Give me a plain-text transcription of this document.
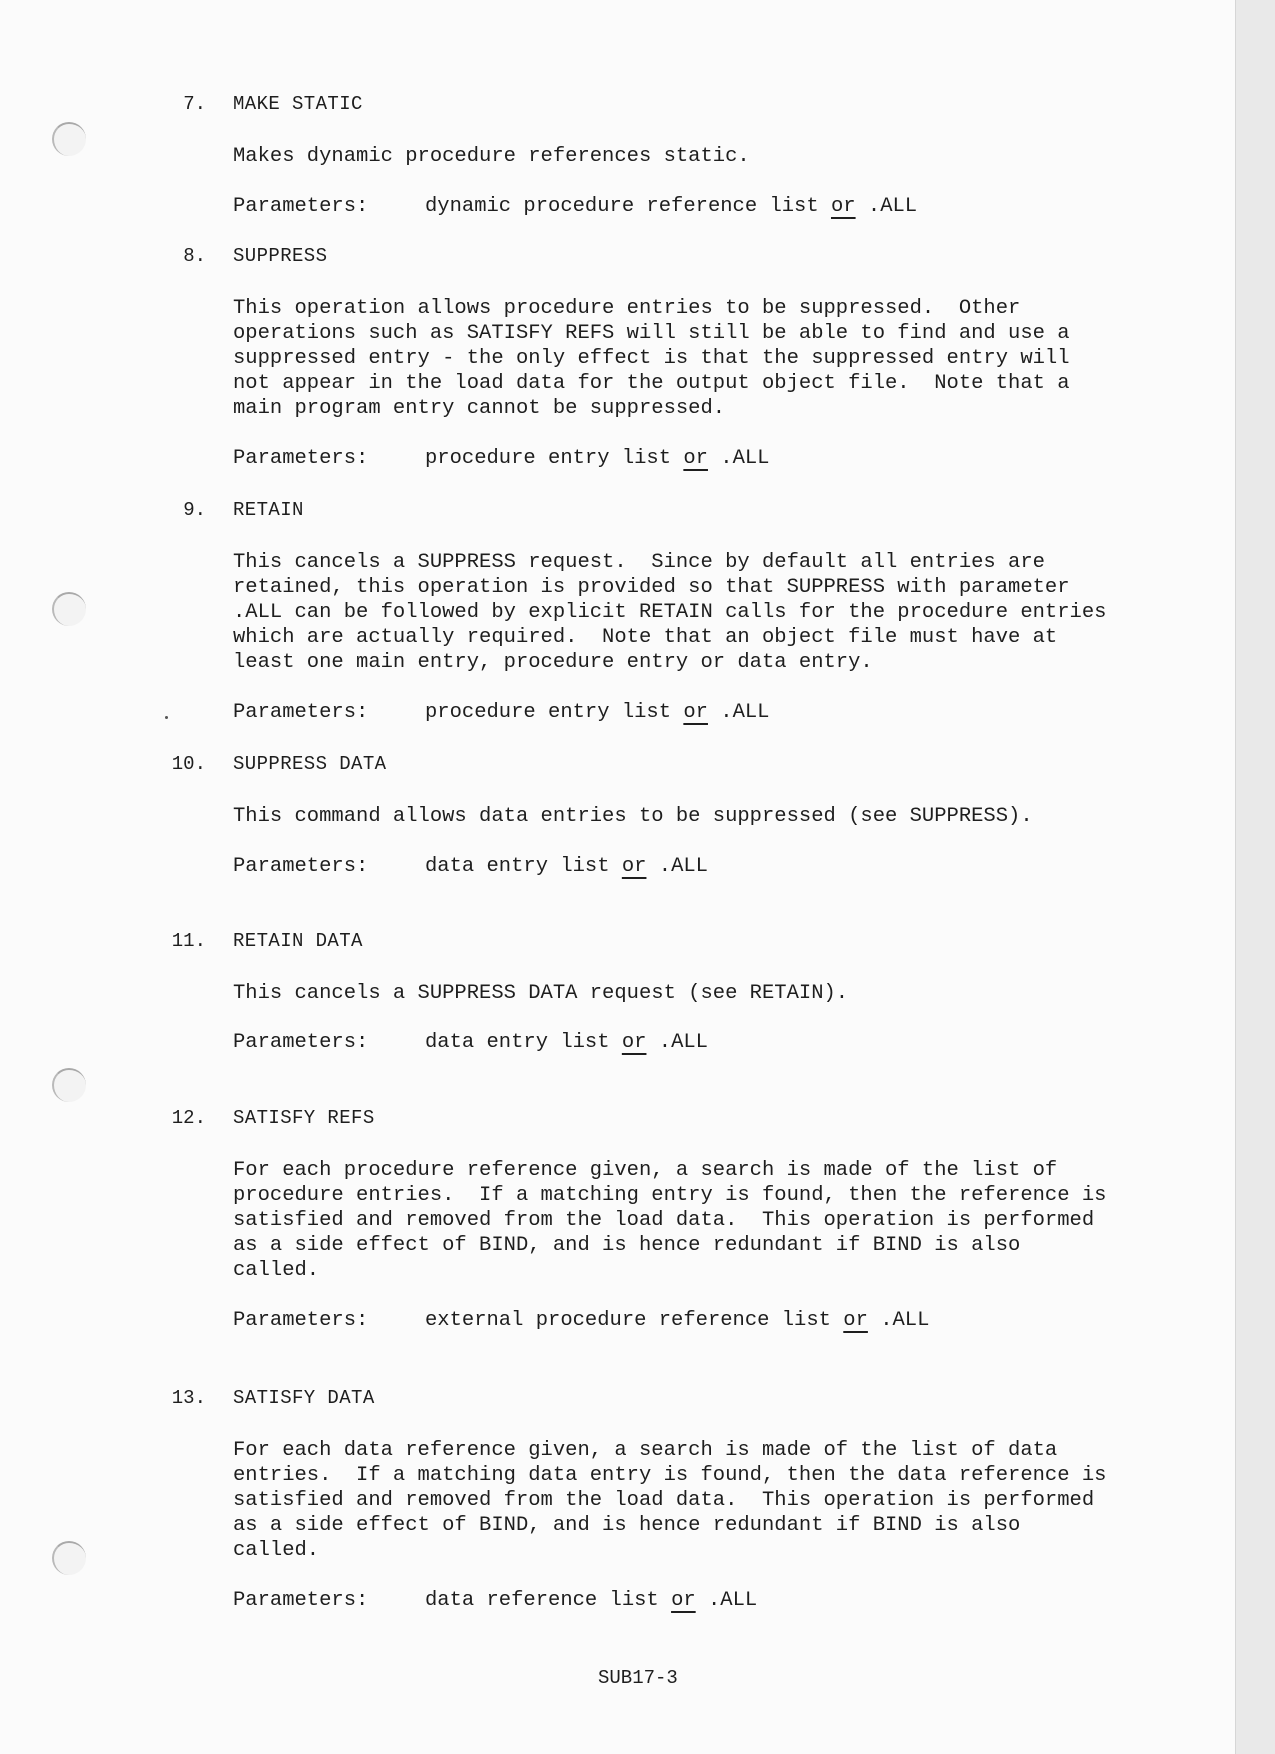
7. MAKE STATIC
Makes dynamic procedure references static.
Parameters:	dynamic procedure reference list or .ALL
8. SUPPRESS
This operation allows procedure entries to be suppressed.  Other
operations such as SATISFY REFS will still be able to find and use a
suppressed entry - the only effect is that the suppressed entry will
not appear in the load data for the output object file.  Note that a
main program entry cannot be suppressed.
Parameters:	procedure entry list or .ALL
9. RETAIN
This cancels a SUPPRESS request.  Since by default all entries are
retained, this operation is provided so that SUPPRESS with parameter
.ALL can be followed by explicit RETAIN calls for the procedure entries
which are actually required.  Note that an object file must have at
least one main entry, procedure entry or data entry.
Parameters:	procedure entry list or .ALL
10. SUPPRESS DATA
This command allows data entries to be suppressed (see SUPPRESS).
Parameters:	data entry list or .ALL
11. RETAIN DATA
This cancels a SUPPRESS DATA request (see RETAIN).
Parameters:	data entry list or .ALL
12. SATISFY REFS
For each procedure reference given, a search is made of the list of
procedure entries.  If a matching entry is found, then the reference is
satisfied and removed from the load data.  This operation is performed
as a side effect of BIND, and is hence redundant if BIND is also
called.
Parameters:	external procedure reference list or .ALL
13. SATISFY DATA
For each data reference given, a search is made of the list of data
entries.  If a matching data entry is found, then the data reference is
satisfied and removed from the load data.  This operation is performed
as a side effect of BIND, and is hence redundant if BIND is also
called.
Parameters:	data reference list or .ALL
SUB17-3
